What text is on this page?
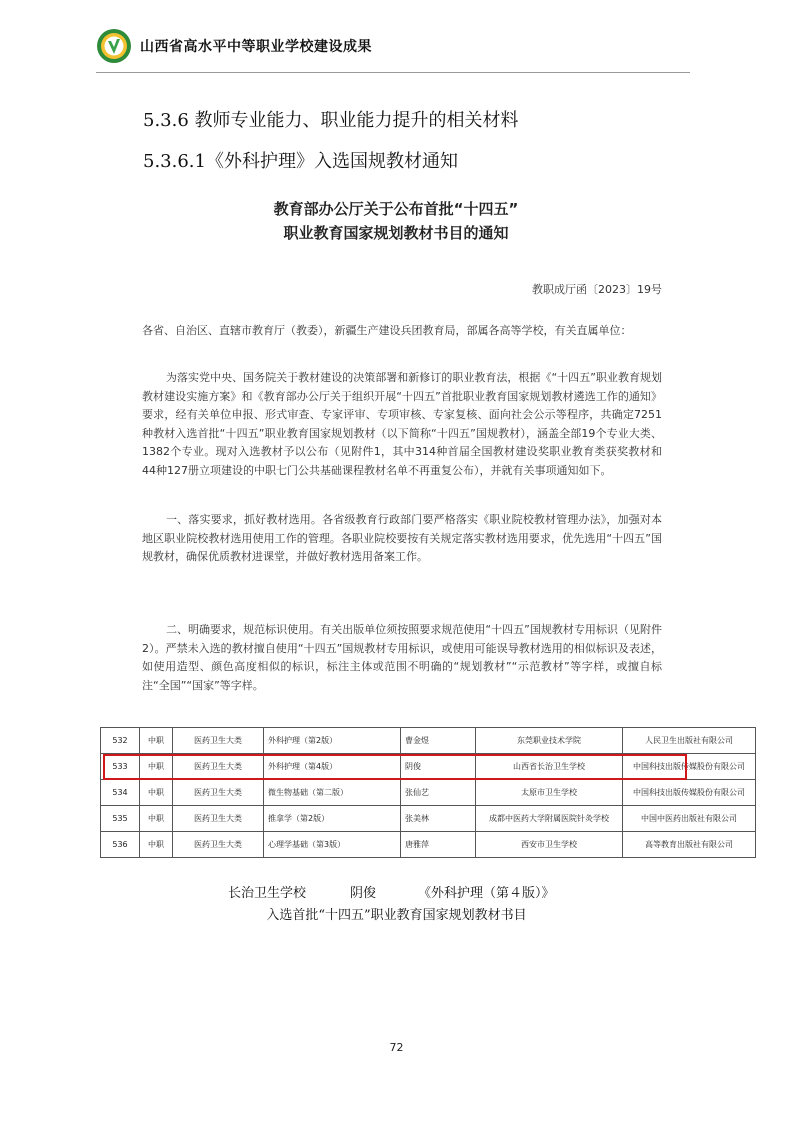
山西省高水平中等职业学校建设成果
5.3.6 教师专业能力、职业能力提升的相关材料
5.3.6.1《外科护理》入选国规教材通知
教育部办公厅关于公布首批“十四五”
职业教育国家规划教材书目的通知
教职成厅函〔2023〕19号
各省、自治区、直辖市教育厅（教委），新疆生产建设兵团教育局，部属各高等学校，有关直属单位：
为落实党中央、国务院关于教材建设的决策部署和新修订的职业教育法，根据《“十四五”职业教育规划教材建设实施方案》和《教育部办公厅关于组织开展“十四五”首批职业教育国家规划教材遴选工作的通知》要求，经有关单位申报、形式审查、专家评审、专项审核、专家复核、面向社会公示等程序，共确定7251种教材入选首批“十四五”职业教育国家规划教材（以下简称“十四五”国规教材），涵盖全部19个专业大类、1382个专业。现对入选教材予以公布（见附件1，其中314种首届全国教材建设奖职业教育类获奖教材和44种127册立项建设的中职七门公共基础课程教材名单不再重复公布），并就有关事项通知如下。
一、落实要求，抓好教材选用。各省级教育行政部门要严格落实《职业院校教材管理办法》，加强对本地区职业院校教材选用使用工作的管理。各职业院校要按有关规定落实教材选用要求，优先选用“十四五”国规教材，确保优质教材进课堂，并做好教材选用备案工作。
二、明确要求，规范标识使用。有关出版单位须按照要求规范使用“十四五”国规教材专用标识（见附件2）。严禁未入选的教材擅自使用“十四五”国规教材专用标识，或使用可能误导教材选用的相似标识及表述，如使用造型、颜色高度相似的标识，标注主体或范围不明确的“规划教材”“示范教材”等字样，或擅自标注“全国”“国家”等字样。
532	中职	医药卫生大类	外科护理（第2版）	曹金煜	东莞职业技术学院	人民卫生出版社有限公司
533	中职	医药卫生大类	外科护理（第4版）	阴俊	山西省长治卫生学校	中国科技出版传媒股份有限公司
534	中职	医药卫生大类	微生物基础（第二版）	张仙艺	太原市卫生学校	中国科技出版传媒股份有限公司
535	中职	医药卫生大类	推拿学（第2版）	张美林	成都中医药大学附属医院针灸学校	中国中医药出版社有限公司
536	中职	医药卫生大类	心理学基础（第3版）	唐雅萍	西安市卫生学校	高等教育出版社有限公司
长治卫生学校	阴俊	《外科护理（第４版）》
入选首批“十四五”职业教育国家规划教材书目
72
